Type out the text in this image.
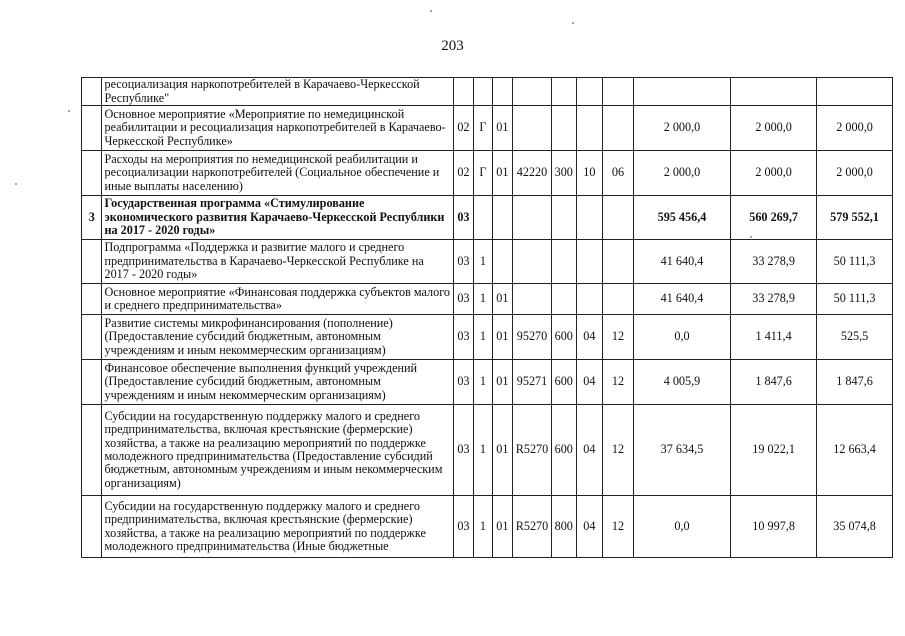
203
	ресоциализация наркопотребителей в Карачаево-Черкесской Республике"										
	Основное мероприятие «Мероприятие по немедицинской реабилитации и ресоциализация наркопотребителей в Карачаево-Черкесской Республике»	02	Г	01					2 000,0	2 000,0	2 000,0
	Расходы на мероприятия по немедицинской реабилитации и ресоциализации наркопотребителей (Социальное обеспечение и иные выплаты населению)	02	Г	01	42220	300	10	06	2 000,0	2 000,0	2 000,0
3	Государственная программа «Стимулирование экономического развития Карачаево-Черкесской Республики на 2017 - 2020 годы»	03							595 456,4	560 269,7	579 552,1
	Подпрограмма «Поддержка и развитие малого и среднего предпринимательства в Карачаево-Черкесской Республике на 2017 - 2020 годы»	03	1						41 640,4	33 278,9	50 111,3
	Основное мероприятие «Финансовая поддержка субъектов малого и среднего предпринимательства»	03	1	01					41 640,4	33 278,9	50 111,3
	Развитие системы микрофинансирования (пополнение) (Предоставление субсидий бюджетным, автономным учреждениям и иным некоммерческим организациям)	03	1	01	95270	600	04	12	0,0	1 411,4	525,5
	Финансовое обеспечение выполнения функций учреждений (Предоставление субсидий бюджетным, автономным учреждениям и иным некоммерческим организациям)	03	1	01	95271	600	04	12	4 005,9	1 847,6	1 847,6
	Субсидии на государственную поддержку малого и среднего предпринимательства, включая крестьянские (фермерские) хозяйства, а также на реализацию мероприятий по поддержке молодежного предпринимательства (Предоставление субсидий бюджетным, автономным учреждениям и иным некоммерческим организациям)	03	1	01	R5270	600	04	12	37 634,5	19 022,1	12 663,4
	Субсидии на государственную поддержку малого и среднего предпринимательства, включая крестьянские (фермерские) хозяйства, а также на реализацию мероприятий по поддержке молодежного предпринимательства (Иные бюджетные	03	1	01	R5270	800	04	12	0,0	10 997,8	35 074,8
